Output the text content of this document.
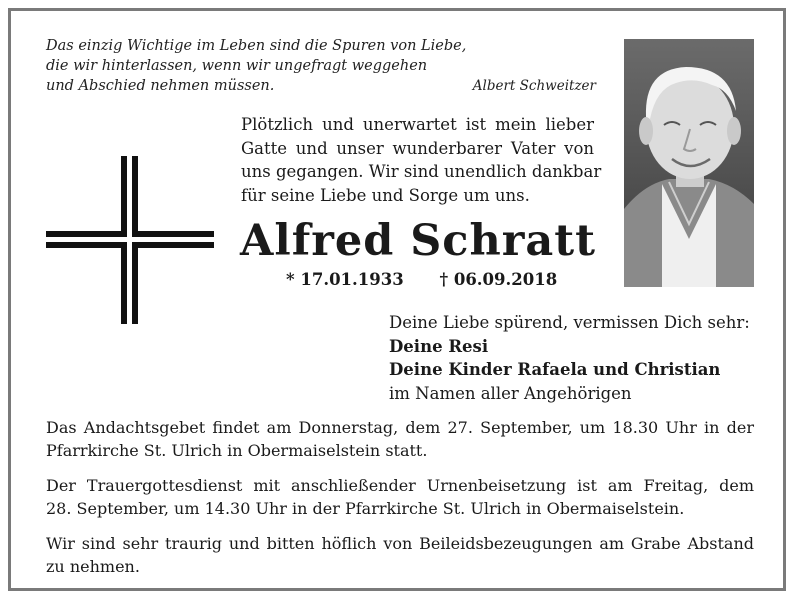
Das einzig Wichtige im Leben sind die Spuren von Liebe,
die wir hinterlassen, wenn wir ungefragt weggehen
und Abschied nehmen müssen.	Albert Schweitzer
Plötzlich und unerwartet ist mein lieber
Gatte und unser wunderbarer Vater von
uns gegangen. Wir sind unendlich dankbar
für seine Liebe und Sorge um uns.
Alfred Schratt
* 17.01.1933 † 06.09.2018
Deine Liebe spürend, vermissen Dich sehr:
Deine Resi
Deine Kinder Rafaela und Christian
im Namen aller Angehörigen

Das Andachtsgebet findet am Donnerstag, dem 27. September, um 18.30 Uhr in der
Pfarrkirche St. Ulrich in Obermaiselstein statt.

Der Trauergottesdienst mit anschließender Urnenbeisetzung ist am Freitag, dem
28. September, um 14.30 Uhr in der Pfarrkirche St. Ulrich in Obermaiselstein.

Wir sind sehr traurig und bitten höflich von Beileidsbezeugungen am Grabe Abstand
zu nehmen.
